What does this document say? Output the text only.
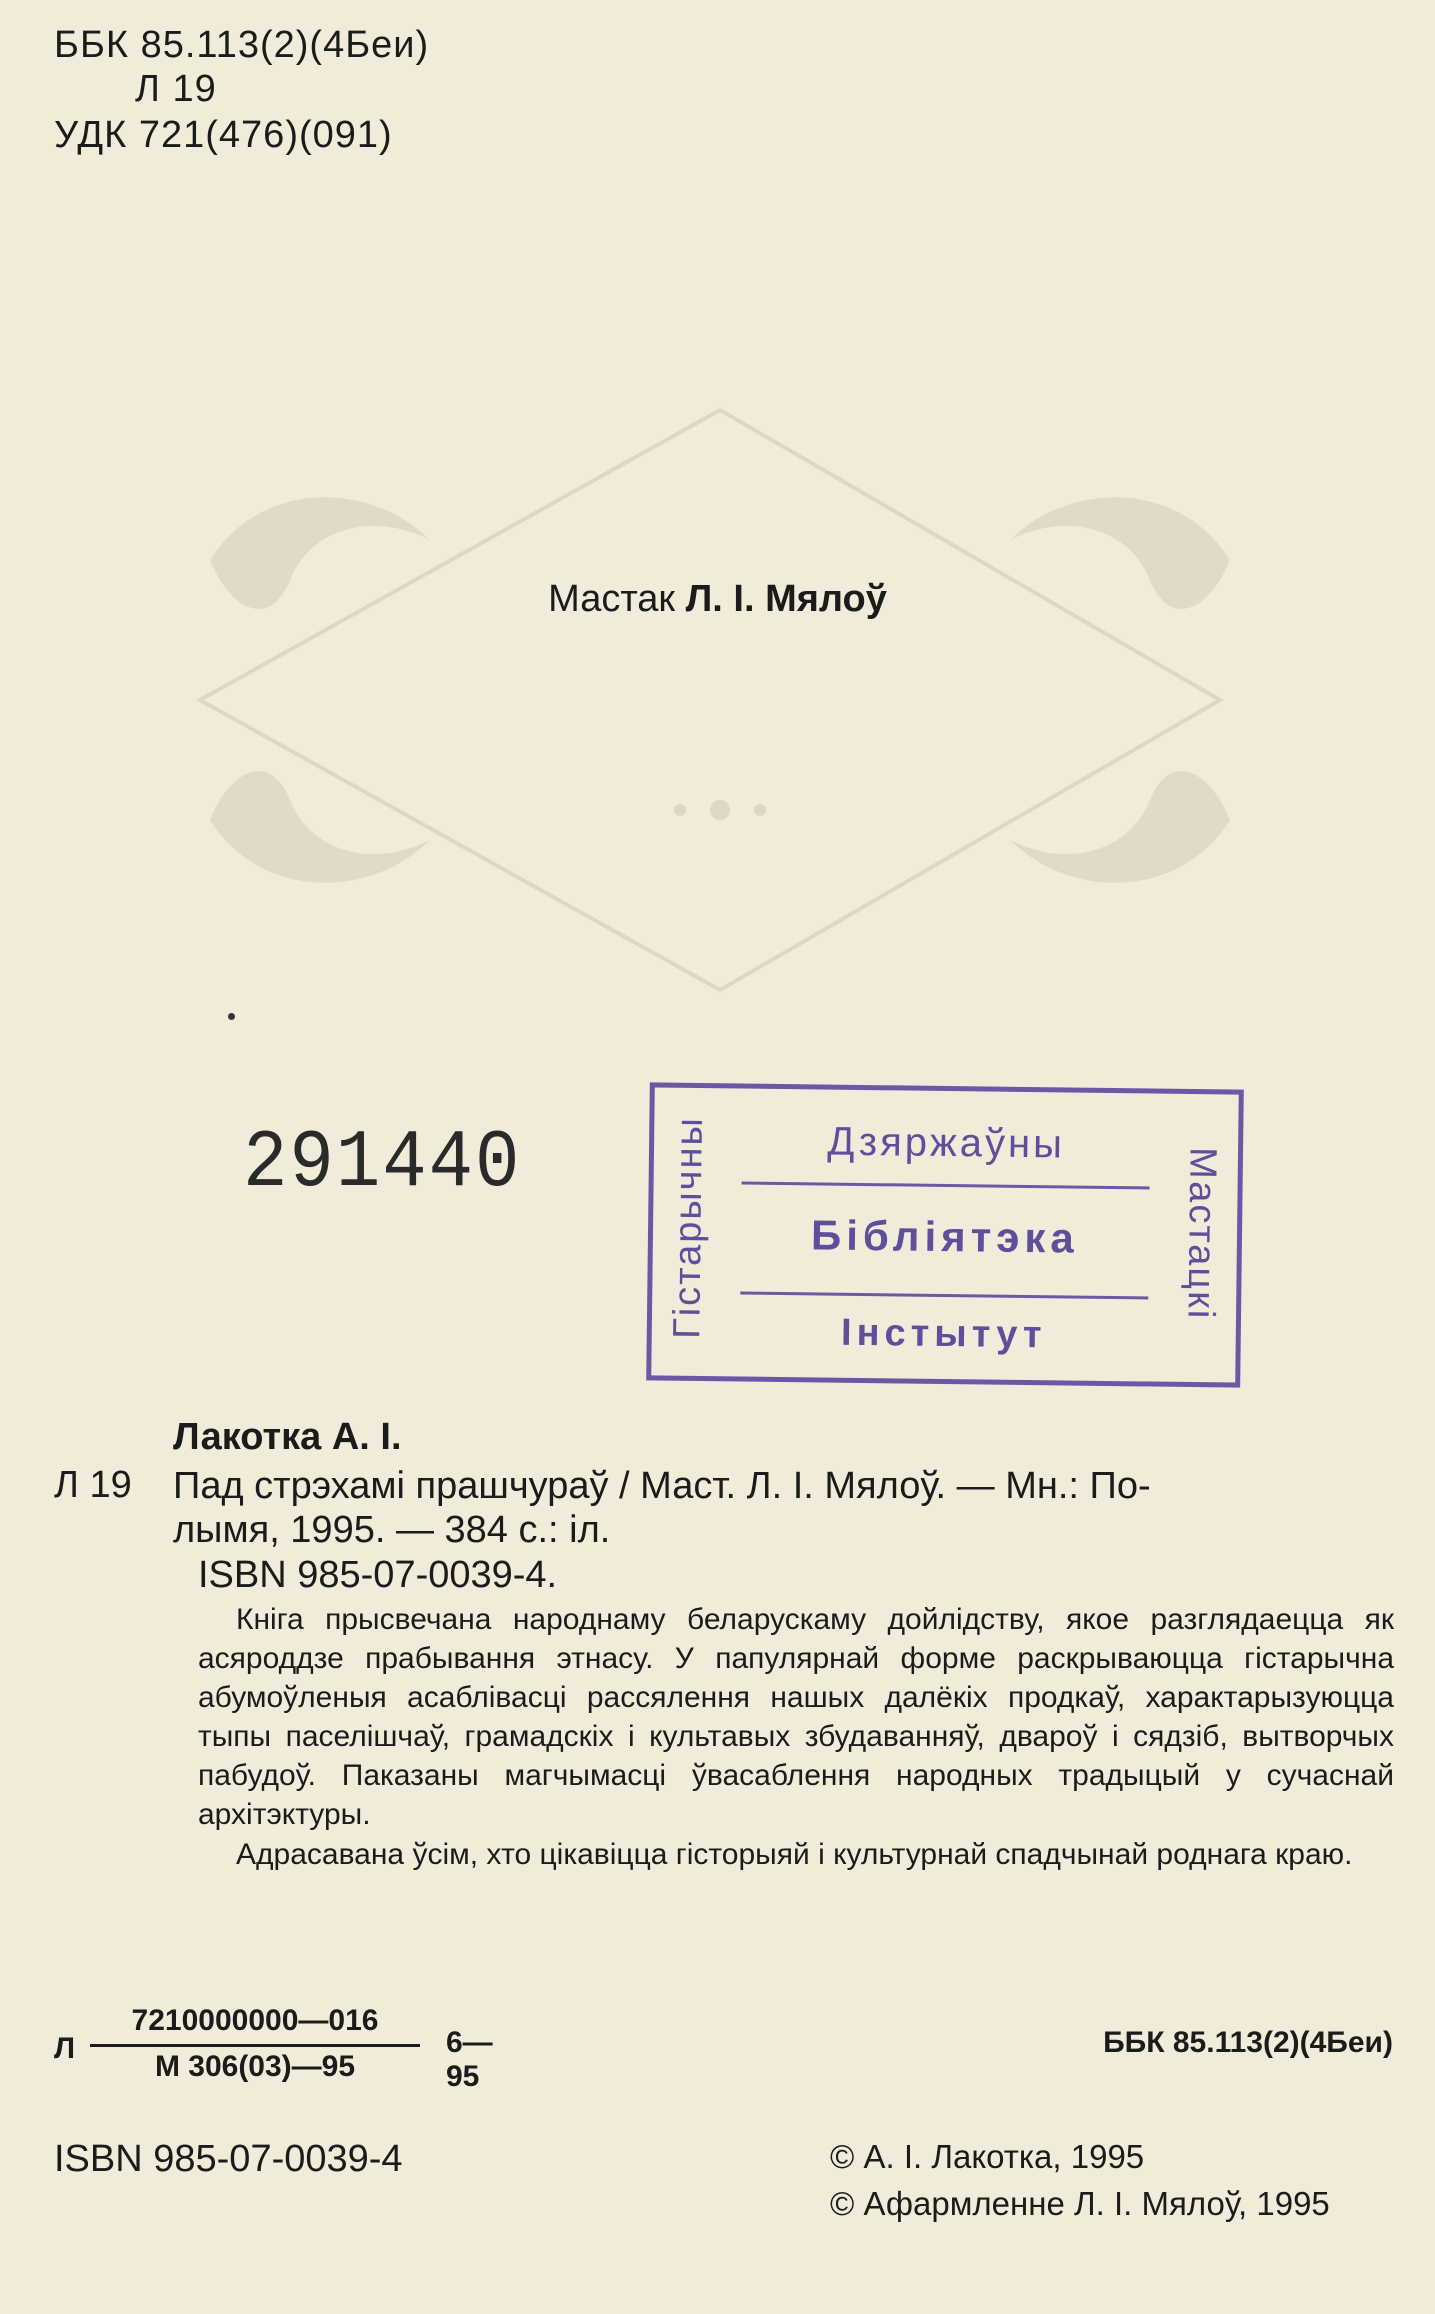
ББК 85.113(2)(4Беи)
Л 19
УДК 721(476)(091)
Мастак Л. І. Мялоў
291440	Гістарычны	Мастацкі
Дзяржаўны
Бібліятэка
Інстытут
Лакотка А. І.
Л 19 Пад стрэхамі прашчураў / Маст. Л. І. Мялоў. — Мн.: По-
лымя, 1995. — 384 с.: іл.
ISBN 985-07-0039-4.
Кніга прысвечана народнаму беларускаму дойлідству, якое разглядаецца як асяроддзе прабывання этнасу. У папулярнай форме раскрываюцца гістарычна абумоўленыя асаблівасці рассялення нашых далёкіх продкаў, характарызуюцца тыпы паселішчаў, грамадскіх і культавых збудаванняў, двароў і сядзіб, вытворчых пабудоў. Паказаны магчымасці ўвасаблення народных традыцый у сучаснай архітэктуры.
Адрасавана ўсім, хто цікавіцца гісторыяй і культурнай спадчынай роднага краю.
Л
7210000000—016
М 306(03)—95
6—95
ББК 85.113(2)(4Беи)
ISBN 985-07-0039-4	© А. І. Лакотка, 1995
© Афармленне Л. І. Мялоў, 1995
